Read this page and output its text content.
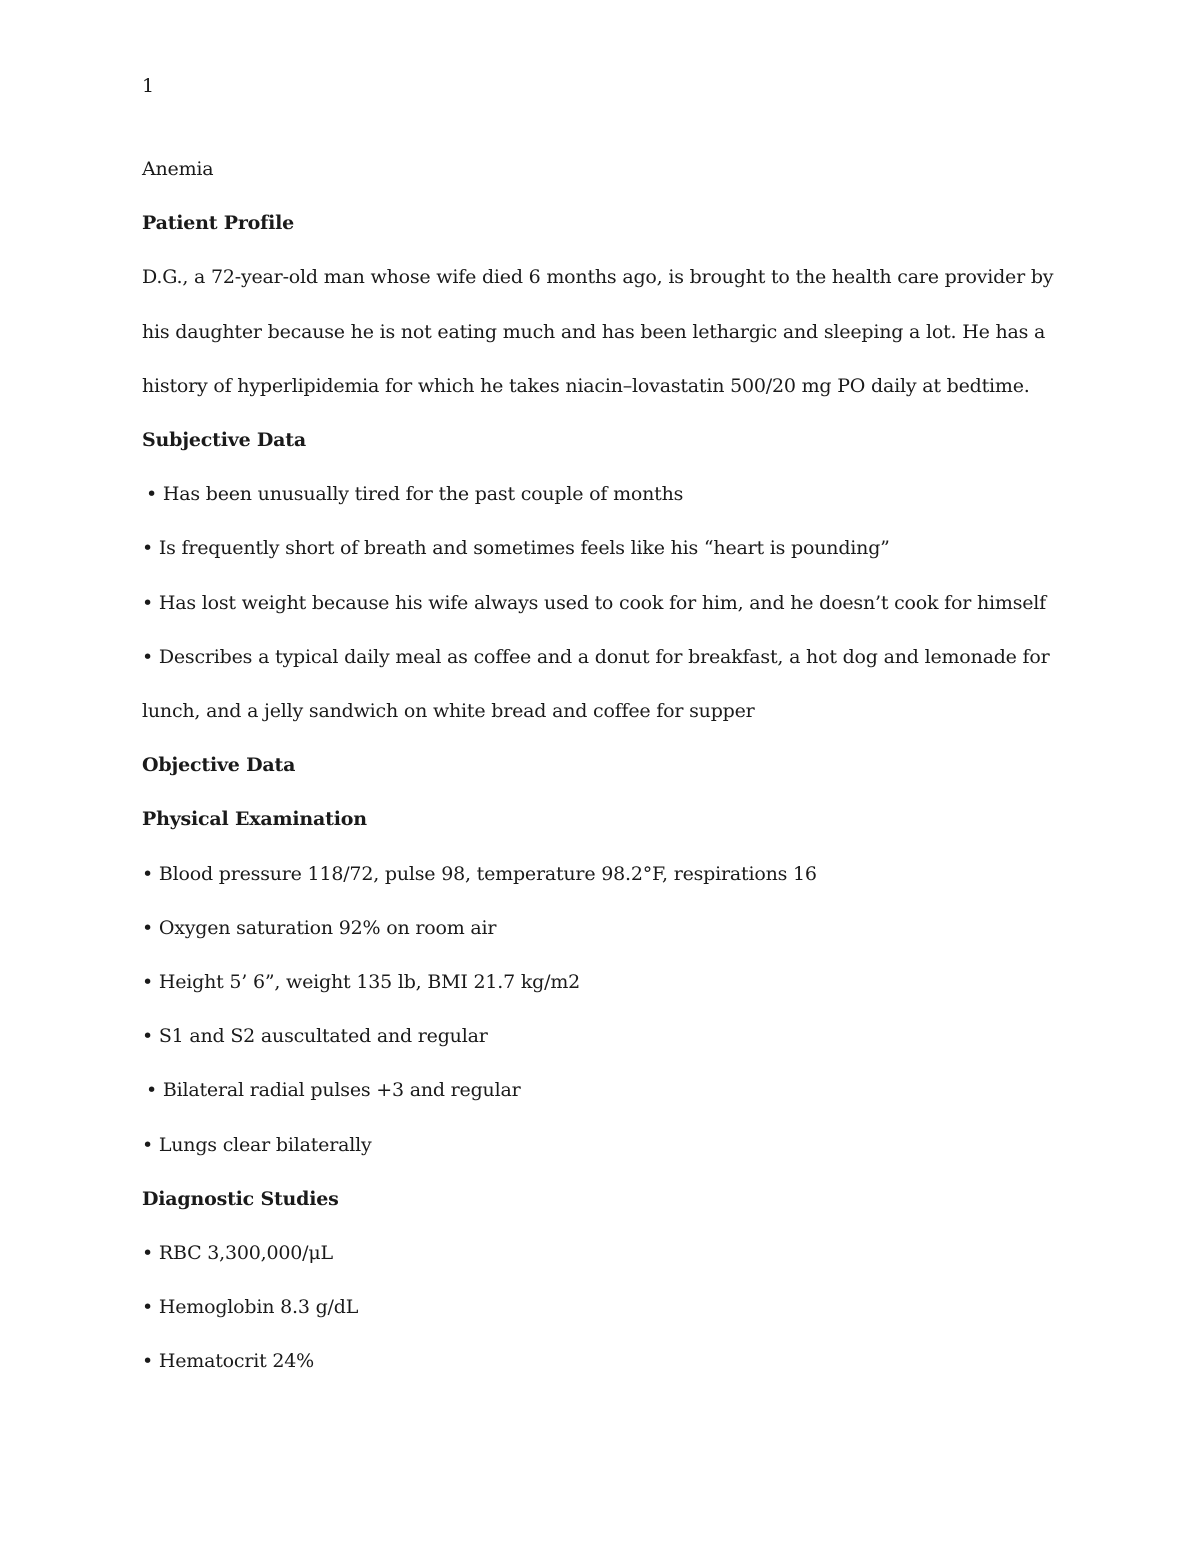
1

Anemia

Patient Profile

D.G., a 72-year-old man whose wife died 6 months ago, is brought to the health care provider by

his daughter because he is not eating much and has been lethargic and sleeping a lot. He has a

history of hyperlipidemia for which he takes niacin–lovastatin 500/20 mg PO daily at bedtime.

Subjective Data

• Has been unusually tired for the past couple of months

• Is frequently short of breath and sometimes feels like his “heart is pounding”

• Has lost weight because his wife always used to cook for him, and he doesn’t cook for himself

• Describes a typical daily meal as coffee and a donut for breakfast, a hot dog and lemonade for

lunch, and a jelly sandwich on white bread and coffee for supper

Objective Data

Physical Examination

• Blood pressure 118/72, pulse 98, temperature 98.2°F, respirations 16

• Oxygen saturation 92% on room air

• Height 5’ 6”, weight 135 lb, BMI 21.7 kg/m2

• S1 and S2 auscultated and regular

• Bilateral radial pulses +3 and regular

• Lungs clear bilaterally

Diagnostic Studies

• RBC 3,300,000/μL

• Hemoglobin 8.3 g/dL

• Hematocrit 24%
